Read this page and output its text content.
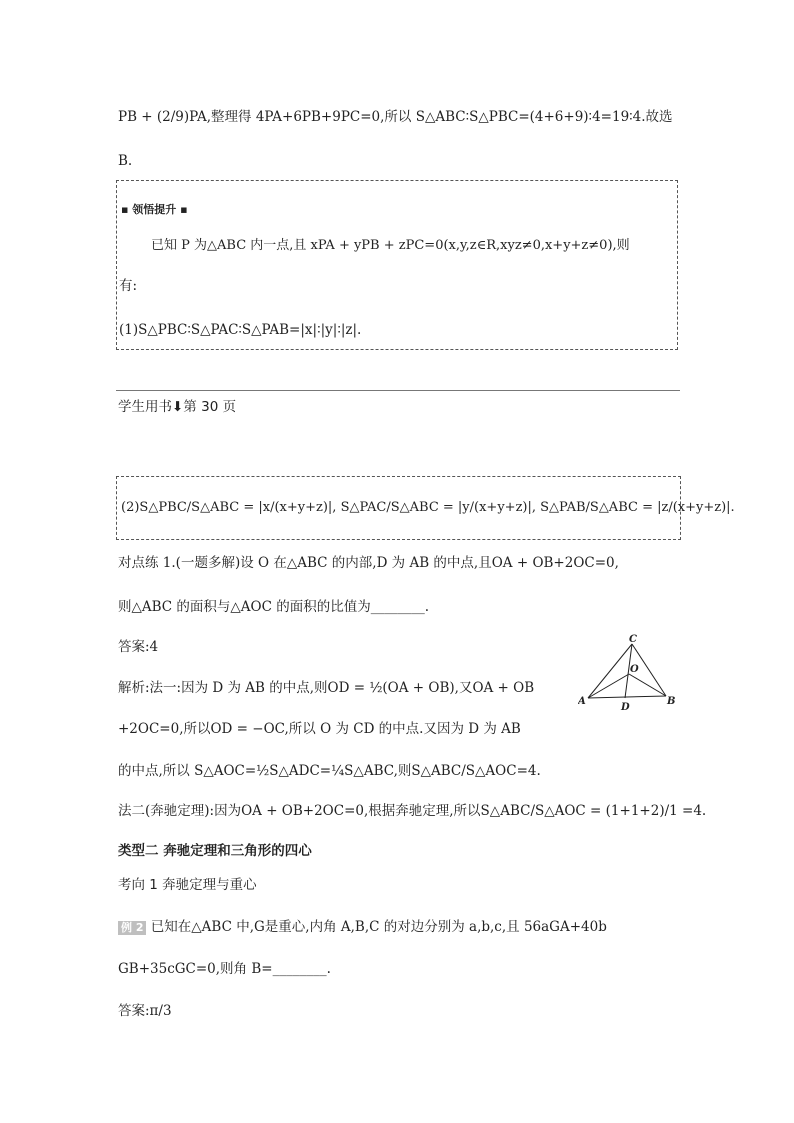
PB + (2/9)PA,整理得 4PA+6PB+9PC=0,所以 S△ABC∶S△PBC=(4+6+9)∶4=19∶4.故选
B.
▪ 领悟提升 ▪
已知 P 为△ABC 内一点,且 xPA + yPB + zPC=0(x,y,z∈R,xyz≠0,x+y+z≠0),则
有:
(1)S△PBC∶S△PAC∶S△PAB=|x|∶|y|∶|z|.
学生用书⬇第 30 页
(2)S△PBC/S△ABC = |x/(x+y+z)|, S△PAC/S△ABC = |y/(x+y+z)|, S△PAB/S△ABC = |z/(x+y+z)|.
对点练 1.(一题多解)设 O 在△ABC 的内部,D 为 AB 的中点,且OA + OB+2OC=0,
则△ABC 的面积与△AOC 的面积的比值为________.
答案:4
解析:法一:因为 D 为 AB 的中点,则OD = ½(OA + OB),又OA + OB
+2OC=0,所以OD = −OC,所以 O 为 CD 的中点.又因为 D 为 AB
的中点,所以 S△AOC=½S△ADC=¼S△ABC,则S△ABC/S△AOC=4.
法二(奔驰定理):因为OA + OB+2OC=0,根据奔驰定理,所以S△ABC/S△AOC = (1+1+2)/1 =4.
C
O
A
D
B
类型二 奔驰定理和三角形的四心
考向 1 奔驰定理与重心
例 2 已知在△ABC 中,G是重心,内角 A,B,C 的对边分别为 a,b,c,且 56aGA+40b
GB+35cGC=0,则角 B=________.
答案:π/3
